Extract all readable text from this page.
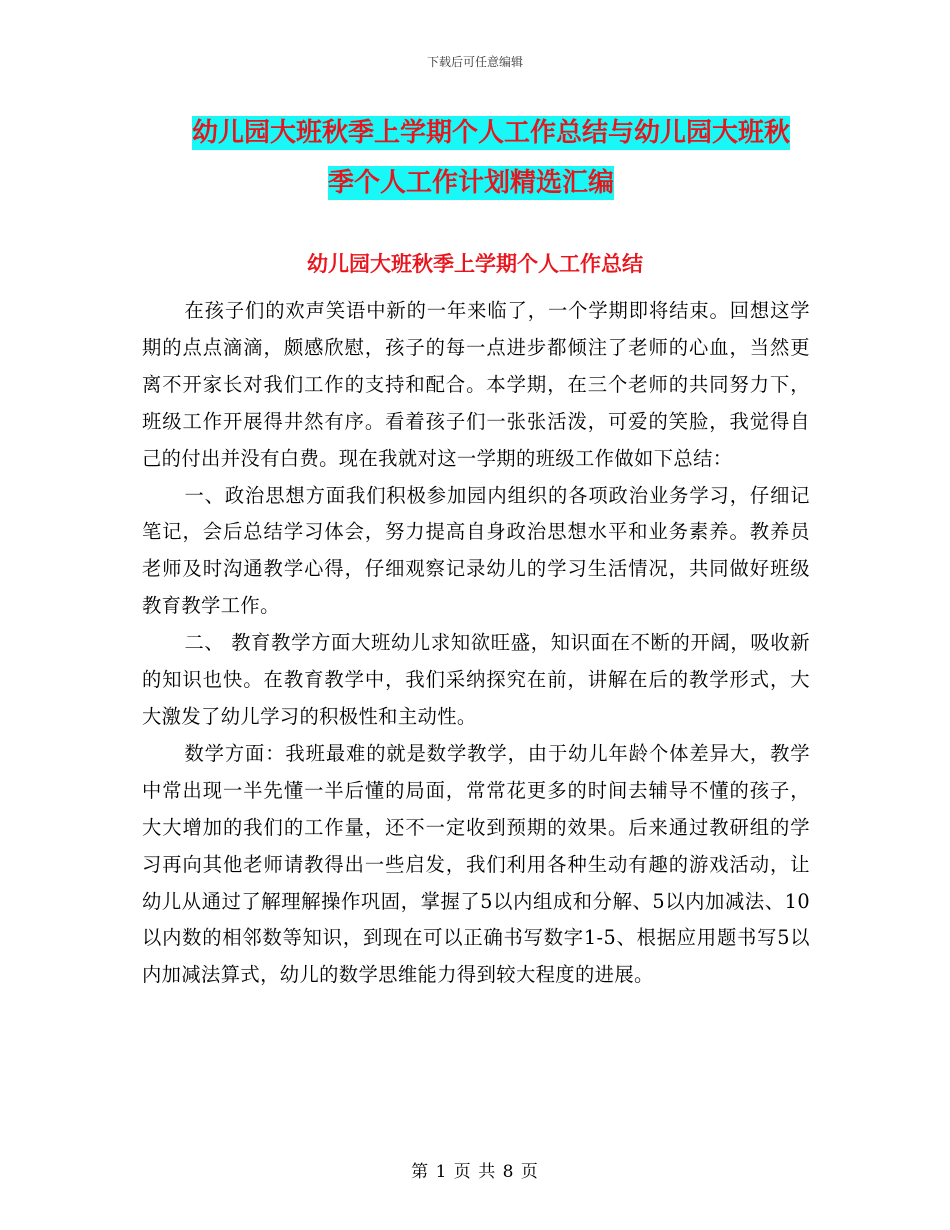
下载后可任意编辑
幼儿园大班秋季上学期个人工作总结与幼儿园大班秋
季个人工作计划精选汇编
幼儿园大班秋季上学期个人工作总结

在孩子们的欢声笑语中新的一年来临了，一个学期即将结束。回想这学期的点点滴滴，颇感欣慰，孩子的每一点进步都倾注了老师的心血，当然更离不开家长对我们工作的支持和配合。本学期，在三个老师的共同努力下，班级工作开展得井然有序。看着孩子们一张张活泼，可爱的笑脸，我觉得自己的付出并没有白费。现在我就对这一学期的班级工作做如下总结：

一、政治思想方面我们积极参加园内组织的各项政治业务学习，仔细记笔记，会后总结学习体会，努力提高自身政治思想水平和业务素养。教养员老师及时沟通教学心得，仔细观察记录幼儿的学习生活情况，共同做好班级教育教学工作。

二、 教育教学方面大班幼儿求知欲旺盛，知识面在不断的开阔，吸收新的知识也快。在教育教学中，我们采纳探究在前，讲解在后的教学形式，大大激发了幼儿学习的积极性和主动性。

数学方面：我班最难的就是数学教学，由于幼儿年龄个体差异大，教学中常出现一半先懂一半后懂的局面，常常花更多的时间去辅导不懂的孩子，大大增加的我们的工作量，还不一定收到预期的效果。后来通过教研组的学习再向其他老师请教得出一些启发，我们利用各种生动有趣的游戏活动，让幼儿从通过了解理解操作巩固，掌握了5以内组成和分解、5以内加减法、10以内数的相邻数等知识，到现在可以正确书写数字1-5、根据应用题书写5以内加减法算式，幼儿的数学思维能力得到较大程度的进展。

第 1 页 共 8 页
